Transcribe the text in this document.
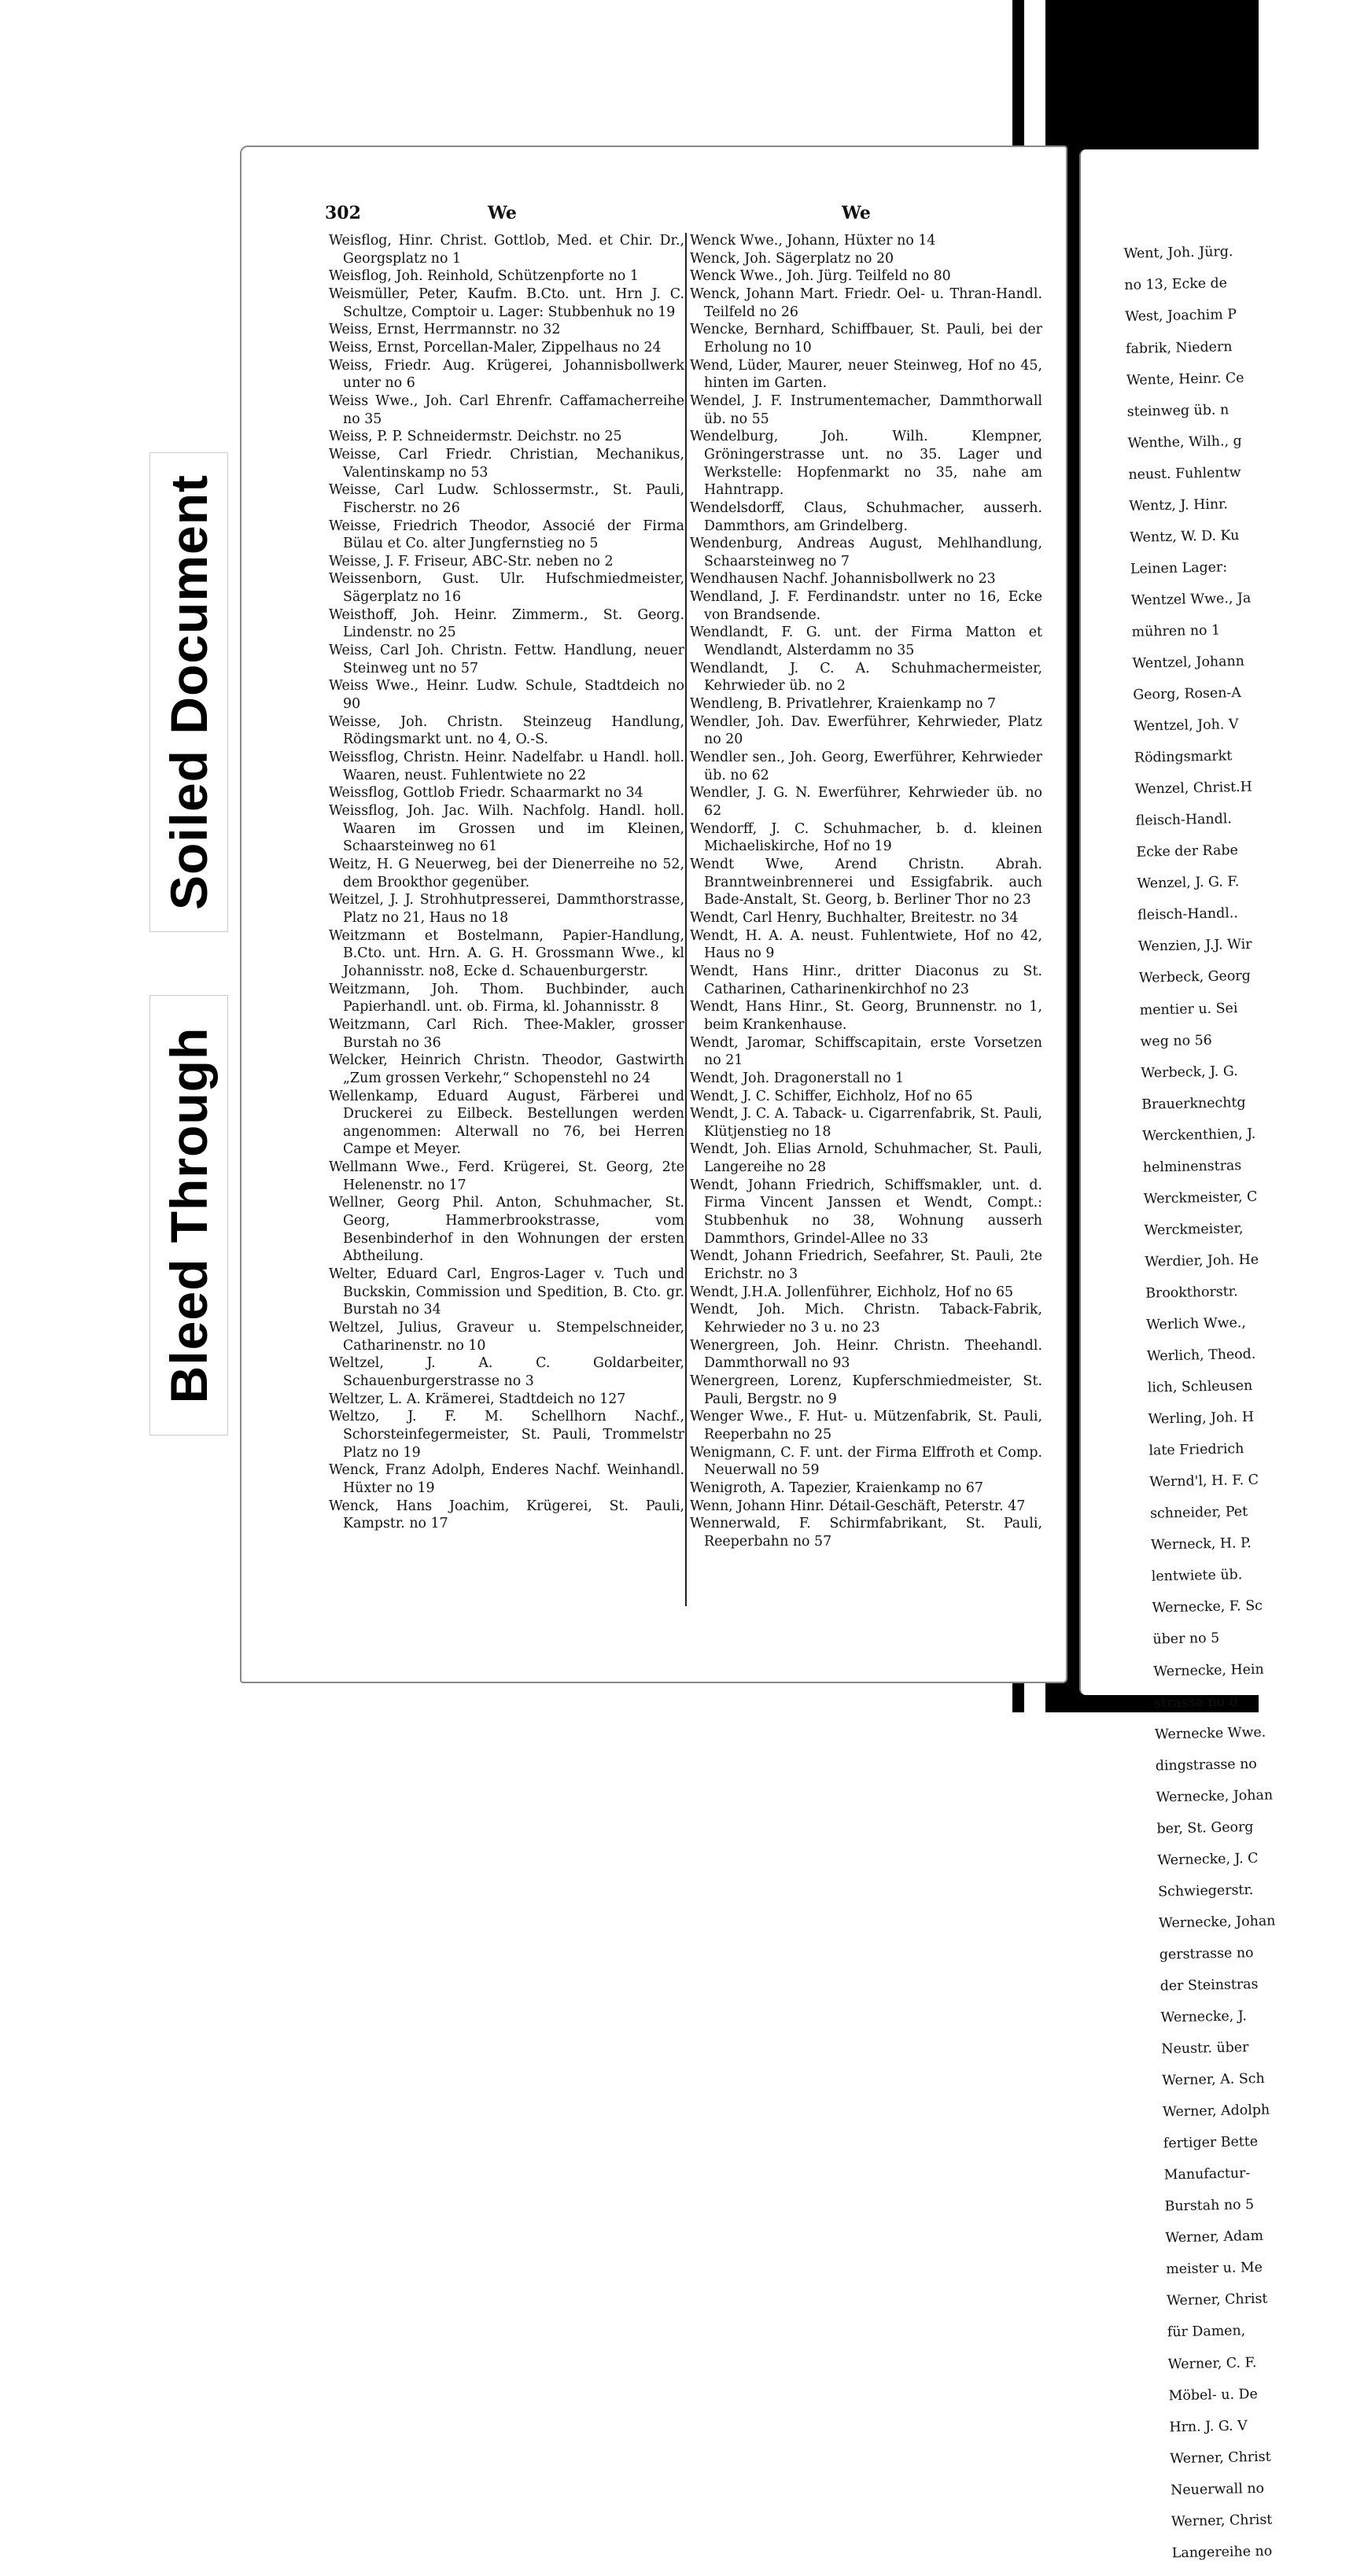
Soiled Document
Bleed Through
302	We	We

Weisflog, Hinr. Christ. Gottlob, Med. et Chir. Dr., Georgsplatz no 1

Weisflog, Joh. Reinhold, Schützenpforte no 1

Weismüller, Peter, Kaufm. B.Cto. unt. Hrn J. C. Schultze, Comptoir u. Lager: Stubbenhuk no 19

Weiss, Ernst, Herrmannstr. no 32

Weiss, Ernst, Porcellan-Maler, Zippelhaus no 24

Weiss, Friedr. Aug. Krügerei, Johannisbollwerk unter no 6

Weiss Wwe., Joh. Carl Ehrenfr. Caffamacherreihe no 35

Weiss, P. P. Schneidermstr. Deichstr. no 25

Weisse, Carl Friedr. Christian, Mechanikus, Valentinskamp no 53

Weisse, Carl Ludw. Schlossermstr., St. Pauli, Fischerstr. no 26

Weisse, Friedrich Theodor, Associé der Firma Bülau et Co. alter Jungfernstieg no 5

Weisse, J. F. Friseur, ABC-Str. neben no 2

Weissenborn, Gust. Ulr. Hufschmiedmeister, Sägerplatz no 16

Weisthoff, Joh. Heinr. Zimmerm., St. Georg. Lindenstr. no 25

Weiss, Carl Joh. Christn. Fettw. Handlung, neuer Steinweg unt no 57

Weiss Wwe., Heinr. Ludw. Schule, Stadtdeich no 90

Weisse, Joh. Christn. Steinzeug Handlung, Rödingsmarkt unt. no 4, O.-S.

Weissflog, Christn. Heinr. Nadelfabr. u Handl. holl. Waaren, neust. Fuhlentwiete no 22

Weissflog, Gottlob Friedr. Schaarmarkt no 34

Weissflog, Joh. Jac. Wilh. Nachfolg. Handl. holl. Waaren im Grossen und im Kleinen, Schaarsteinweg no 61

Weitz, H. G Neuerweg, bei der Dienerreihe no 52, dem Brookthor gegenüber.

Weitzel, J. J. Strohhutpresserei, Dammthorstrasse, Platz no 21, Haus no 18

Weitzmann et Bostelmann, Papier-Handlung, B.Cto. unt. Hrn. A. G. H. Grossmann Wwe., kl Johannisstr. no8, Ecke d. Schauenburgerstr.

Weitzmann, Joh. Thom. Buchbinder, auch Papierhandl. unt. ob. Firma, kl. Johannisstr. 8

Weitzmann, Carl Rich. Thee-Makler, grosser Burstah no 36

Welcker, Heinrich Christn. Theodor, Gastwirth „Zum grossen Verkehr,“ Schopenstehl no 24

Wellenkamp, Eduard August, Färberei und Druckerei zu Eilbeck. Bestellungen werden angenommen: Alterwall no 76, bei Herren Campe et Meyer.

Wellmann Wwe., Ferd. Krügerei, St. Georg, 2te Helenenstr. no 17

Wellner, Georg Phil. Anton, Schuhmacher, St. Georg, Hammerbrookstrasse, vom Besenbinderhof in den Wohnungen der ersten Abtheilung.

Welter, Eduard Carl, Engros-Lager v. Tuch und Buckskin, Commission und Spedition, B. Cto. gr. Burstah no 34

Weltzel, Julius, Graveur u. Stempelschneider, Catharinenstr. no 10

Weltzel, J. A. C. Goldarbeiter, Schauenburgerstrasse no 3

Weltzer, L. A. Krämerei, Stadtdeich no 127

Weltzo, J. F. M. Schellhorn Nachf., Schorsteinfegermeister, St. Pauli, Trommelstr Platz no 19

Wenck, Franz Adolph, Enderes Nachf. Weinhandl. Hüxter no 19

Wenck, Hans Joachim, Krügerei, St. Pauli, Kampstr. no 17

Wenck Wwe., Johann, Hüxter no 14

Wenck, Joh. Sägerplatz no 20

Wenck Wwe., Joh. Jürg. Teilfeld no 80

Wenck, Johann Mart. Friedr. Oel- u. Thran-Handl. Teilfeld no 26

Wencke, Bernhard, Schiffbauer, St. Pauli, bei der Erholung no 10

Wend, Lüder, Maurer, neuer Steinweg, Hof no 45, hinten im Garten.

Wendel, J. F. Instrumentemacher, Dammthorwall üb. no 55

Wendelburg, Joh. Wilh. Klempner, Gröningerstrasse unt. no 35. Lager und Werkstelle: Hopfenmarkt no 35, nahe am Hahntrapp.

Wendelsdorff, Claus, Schuhmacher, ausserh. Dammthors, am Grindelberg.

Wendenburg, Andreas August, Mehlhandlung, Schaarsteinweg no 7

Wendhausen Nachf. Johannisbollwerk no 23

Wendland, J. F. Ferdinandstr. unter no 16, Ecke von Brandsende.

Wendlandt, F. G. unt. der Firma Matton et Wendlandt, Alsterdamm no 35

Wendlandt, J. C. A. Schuhmachermeister, Kehrwieder üb. no 2

Wendleng, B. Privatlehrer, Kraienkamp no 7

Wendler, Joh. Dav. Ewerführer, Kehrwieder, Platz no 20

Wendler sen., Joh. Georg, Ewerführer, Kehrwieder üb. no 62

Wendler, J. G. N. Ewerführer, Kehrwieder üb. no 62

Wendorff, J. C. Schuhmacher, b. d. kleinen Michaeliskirche, Hof no 19

Wendt Wwe, Arend Christn. Abrah. Branntweinbrennerei und Essigfabrik. auch Bade-Anstalt, St. Georg, b. Berliner Thor no 23

Wendt, Carl Henry, Buchhalter, Breitestr. no 34

Wendt, H. A. A. neust. Fuhlentwiete, Hof no 42, Haus no 9

Wendt, Hans Hinr., dritter Diaconus zu St. Catharinen, Catharinenkirchhof no 23

Wendt, Hans Hinr., St. Georg, Brunnenstr. no 1, beim Krankenhause.

Wendt, Jaromar, Schiffscapitain, erste Vorsetzen no 21

Wendt, Joh. Dragonerstall no 1

Wendt, J. C. Schiffer, Eichholz, Hof no 65

Wendt, J. C. A. Taback- u. Cigarrenfabrik, St. Pauli, Klütjenstieg no 18

Wendt, Joh. Elias Arnold, Schuhmacher, St. Pauli, Langereihe no 28

Wendt, Johann Friedrich, Schiffsmakler, unt. d. Firma Vincent Janssen et Wendt, Compt.: Stubbenhuk no 38, Wohnung ausserh Dammthors, Grindel-Allee no 33

Wendt, Johann Friedrich, Seefahrer, St. Pauli, 2te Erichstr. no 3

Wendt, J.H.A. Jollenführer, Eichholz, Hof no 65

Wendt, Joh. Mich. Christn. Taback-Fabrik, Kehrwieder no 3 u. no 23

Wenergreen, Joh. Heinr. Christn. Theehandl. Dammthorwall no 93

Wenergreen, Lorenz, Kupferschmiedmeister, St. Pauli, Bergstr. no 9

Wenger Wwe., F. Hut- u. Mützenfabrik, St. Pauli, Reeperbahn no 25

Wenigmann, C. F. unt. der Firma Elffroth et Comp. Neuerwall no 59

Wenigroth, A. Tapezier, Kraienkamp no 67

Wenn, Johann Hinr. Détail-Geschäft, Peterstr. 47

Wennerwald, F. Schirmfabrikant, St. Pauli, Reeperbahn no 57

Went, Joh. Jürg.

no 13, Ecke de

West, Joachim P

fabrik, Niedern

Wente, Heinr. Ce

steinweg üb. n

Wenthe, Wilh., g

neust. Fuhlentw

Wentz, J. Hinr.

Wentz, W. D. Ku

Leinen Lager:

Wentzel Wwe., Ja

mühren no 1

Wentzel, Johann

Georg, Rosen-A

Wentzel, Joh. V

Rödingsmarkt

Wenzel, Christ.H

fleisch-Handl.

Ecke der Rabe

Wenzel, J. G. F.

fleisch-Handl..

Wenzien, J.J. Wir

Werbeck, Georg

mentier u. Sei

weg no 56

Werbeck, J. G.

Brauerknechtg

Werckenthien, J.

helminenstras

Werckmeister, C

Werckmeister,

Werdier, Joh. He

Brookthorstr.

Werlich Wwe.,

Werlich, Theod.

lich, Schleusen

Werling, Joh. H

late Friedrich

Wernd'l, H. F. C

schneider, Pet

Werneck, H. P.

lentwiete üb.

Wernecke, F. Sc

über no 5

Wernecke, Hein

strasse no 8

Wernecke Wwe.

dingstrasse no

Wernecke, Johan

ber, St. Georg

Wernecke, J. C

Schwiegerstr.

Wernecke, Johan

gerstrasse no

der Steinstras

Wernecke, J.

Neustr. über

Werner, A. Sch

Werner, Adolph

fertiger Bette

Manufactur-

Burstah no 5

Werner, Adam

meister u. Me

Werner, Christ

für Damen,

Werner, C. F.

Möbel- u. De

Hrn. J. G. V

Werner, Christ

Neuerwall no

Werner, Christ

Langereihe no
